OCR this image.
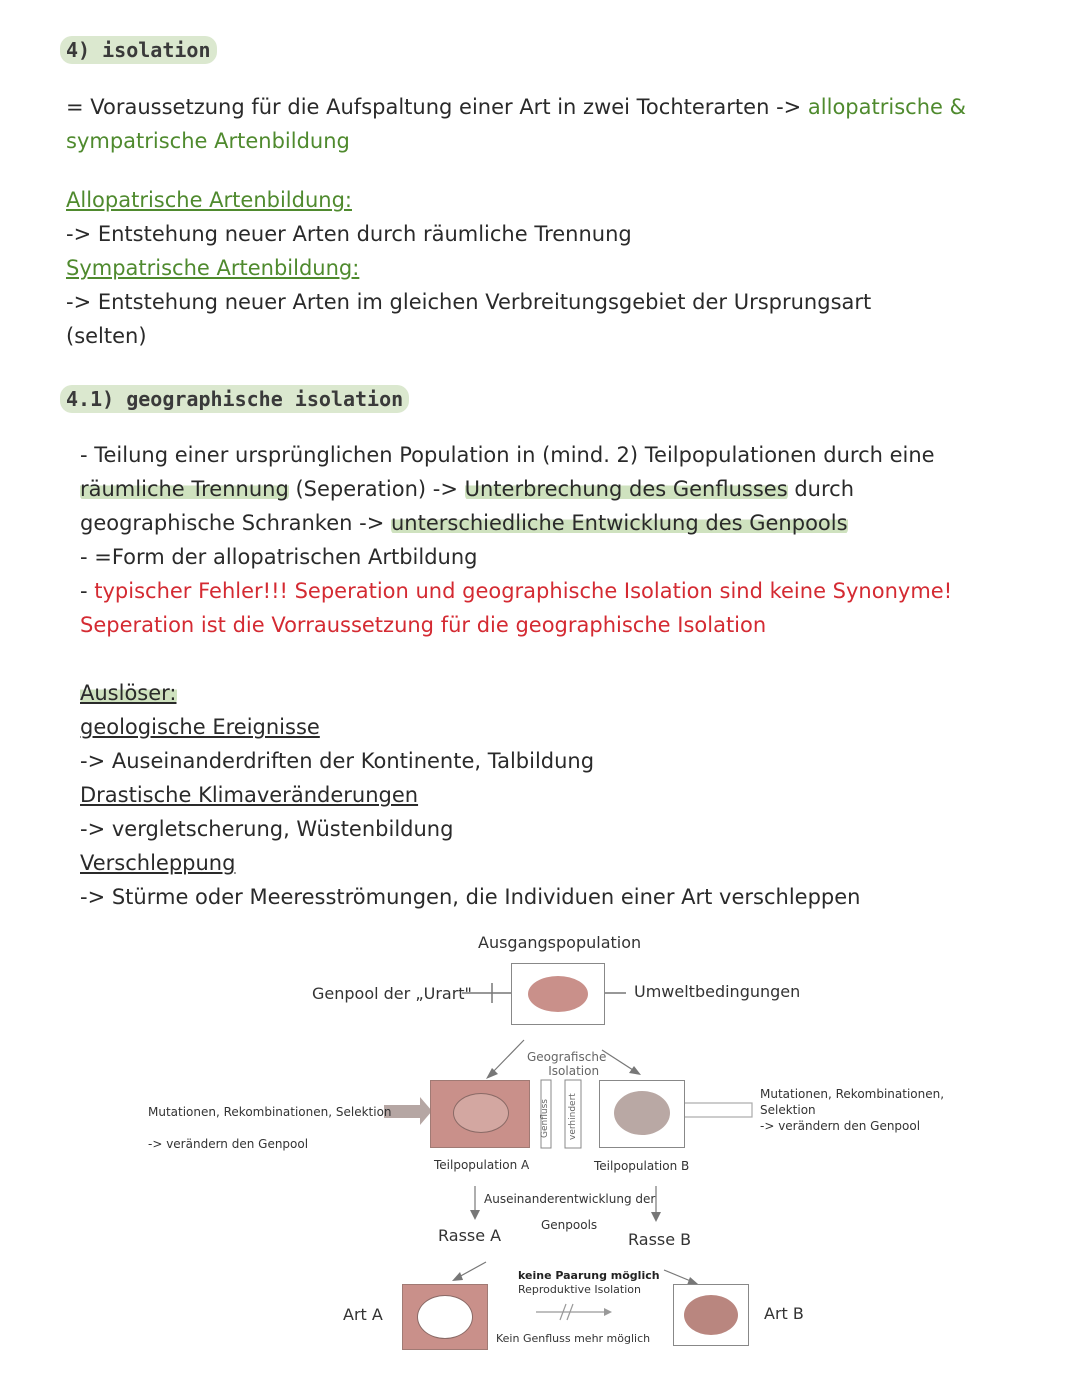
4) isolation
= Voraussetzung für die Aufspaltung einer Art in zwei Tochterarten -> allopatrische &
sympatrische Artenbildung
Allopatrische Artenbildung:
-> Entstehung neuer Arten durch räumliche Trennung
Sympatrische Artenbildung:
-> Entstehung neuer Arten im gleichen Verbreitungsgebiet der Ursprungsart
(selten)
4.1) geographische isolation
- Teilung einer ursprünglichen Population in (mind. 2) Teilpopulationen durch eine
räumliche Trennung (Seperation) -> Unterbrechung des Genflusses durch
geographische Schranken -> unterschiedliche Entwicklung des Genpools
- =Form der allopatrischen Artbildung
- typischer Fehler!!! Seperation und geographische Isolation sind keine Synonyme!
Seperation ist die Vorraussetzung für die geographische Isolation
Auslöser:
geologische Ereignisse
-> Auseinanderdriften der Kontinente, Talbildung
Drastische Klimaveränderungen
-> vergletscherung, Wüstenbildung
Verschleppung
-> Stürme oder Meeresströmungen, die Individuen einer Art verschleppen
Ausgangspopulation
Genpool der „Urart"	Umweltbedingungen
Geografische
Isolation
Genfluss verhindert
Mutationen, Rekombinationen, Selektion
-> verändern den Genpool
Mutationen, Rekombinationen,
Selektion
-> verändern den Genpool
Teilpopulation A	Teilpopulation B
Auseinanderentwicklung der
Genpools
Rasse A	Rasse B
keine Paarung möglich
Reproduktive Isolation
Kein Genfluss mehr möglich
Art A	Art B
